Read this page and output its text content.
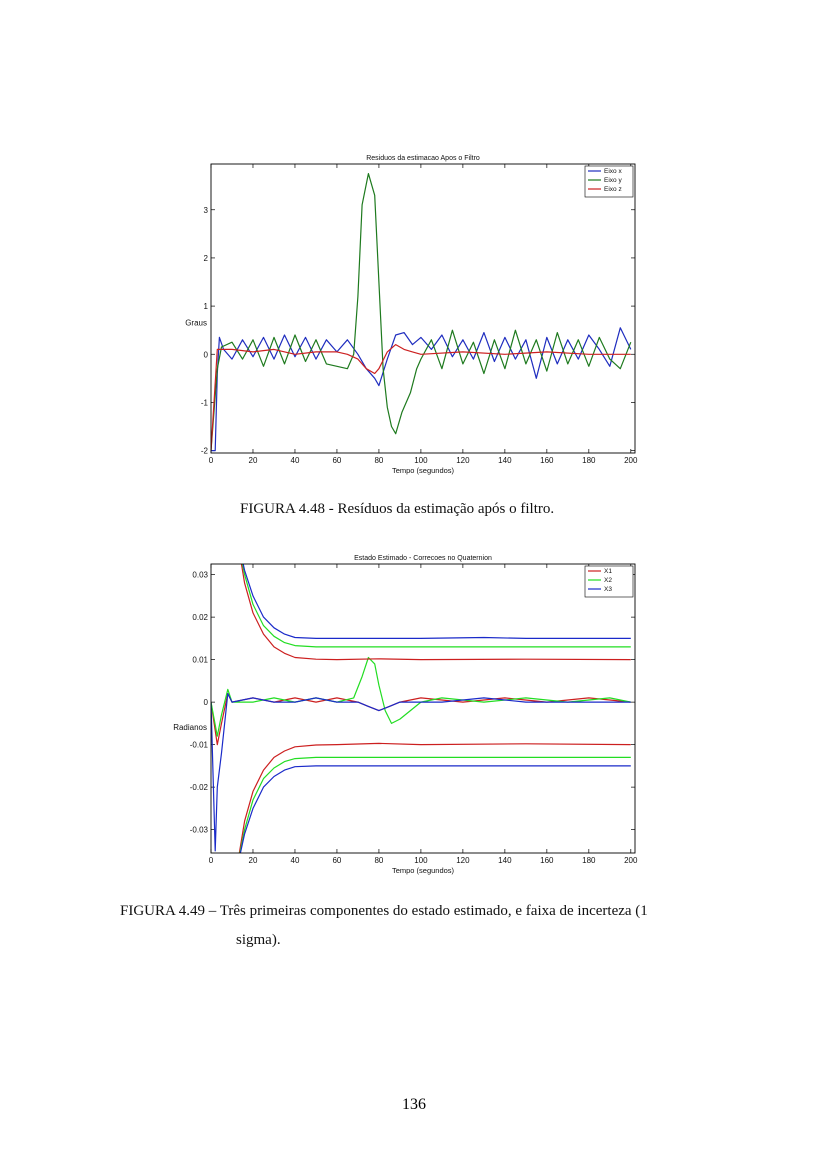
Residuos da estimacao Apos o Filtro
0	20	40	60	80	100	120	140	160	180	200
-2
-1
0
1
2
3
Tempo (segundos)
Graus
Eixo x
Eixo y
Eixo z
Estado Estimado - Correcoes no Quaternion
0	20	40	60	80	100	120	140	160	180	200
-0.03
-0.02
-0.01
0
0.01
0.02
0.03
Tempo (segundos)
Radianos
X1
X2
X3
FIGURA 4.48 - Resíduos da estimação após o filtro.
FIGURA 4.49 – Três primeiras componentes do estado estimado, e faixa de incerteza (1
sigma).
136
